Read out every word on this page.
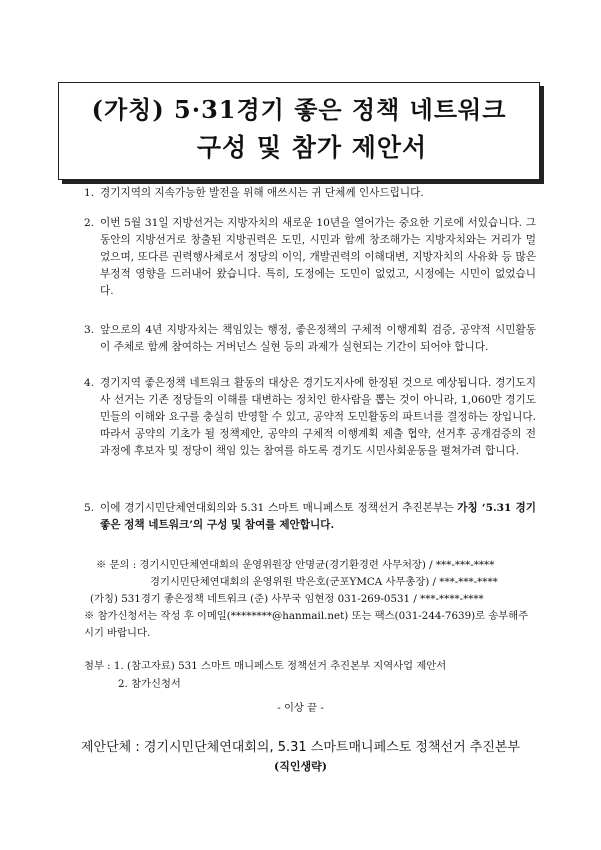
(가칭) 5·31경기 좋은 정책 네트워크
구성 및 참가 제안서
1. 경기지역의 지속가능한 발전을 위해 애쓰시는 귀 단체께 인사드립니다.
2. 이번 5월 31일 지방선거는 지방자치의 새로운 10년을 열어가는 중요한 기로에 서있습니다. 그동안의 지방선거로 창출된 지방권력은 도민, 시민과 함께 창조해가는 지방자치와는 거리가 멀었으며, 또다른 권력행사체로서 정당의 이익, 개발권력의 이해대변, 지방자치의 사유화 등 많은 부정적 영향을 드러내어 왔습니다. 특히, 도정에는 도민이 없었고, 시정에는 시민이 없었습니다.
3. 앞으로의 4년 지방자치는 책임있는 행정, 좋은정책의 구체적 이행계획 검증, 공약적 시민활동이 주체로 함께 참여하는 거버넌스 실현 등의 과제가 실현되는 기간이 되어야 합니다.
4. 경기지역 좋은정책 네트워크 활동의 대상은 경기도지사에 한정된 것으로 예상됩니다. 경기도지사 선거는 기존 정당들의 이해를 대변하는 정치인 한사람을 뽑는 것이 아니라, 1,060만 경기도민들의 이해와 요구를 충실히 반영할 수 있고, 공약적 도민활동의 파트너를 결정하는 장입니다. 따라서 공약의 기초가 될 정책제안, 공약의 구체적 이행계획 제출 협약, 선거후 공개검증의 전 과정에 후보자 및 정당이 책임 있는 참여를 하도록 경기도 시민사회운동을 펼쳐가려 합니다.
5. 이에 경기시민단체연대회의와 5.31 스마트 매니페스토 정책선거 추진본부는 가칭 ‘5.31 경기 좋은 정책 네트워크’의 구성 및 참여를 제안합니다.
※ 문의 : 경기시민단체연대회의 운영위원장 안명균(경기환경련 사무처장) / ***-***-****
경기시민단체연대회의 운영위원 박은호(군포YMCA 사무총장) / ***-***-****
(가칭) 531경기 좋은정책 네트워크 (준) 사무국 임현정 031-269-0531 / ***-****-****
※ 참가신청서는 작성 후 이메일(********@hanmail.net) 또는 팩스(031-244-7639)로 송부해주시기 바랍니다.
첨부 : 1. (참고자료) 531 스마트 매니페스토 정책선거 추진본부 지역사업 제안서
2. 참가신청서
- 이상 끝 -
제안단체 : 경기시민단체연대회의, 5.31 스마트매니페스토 정책선거 추진본부
(직인생략)
